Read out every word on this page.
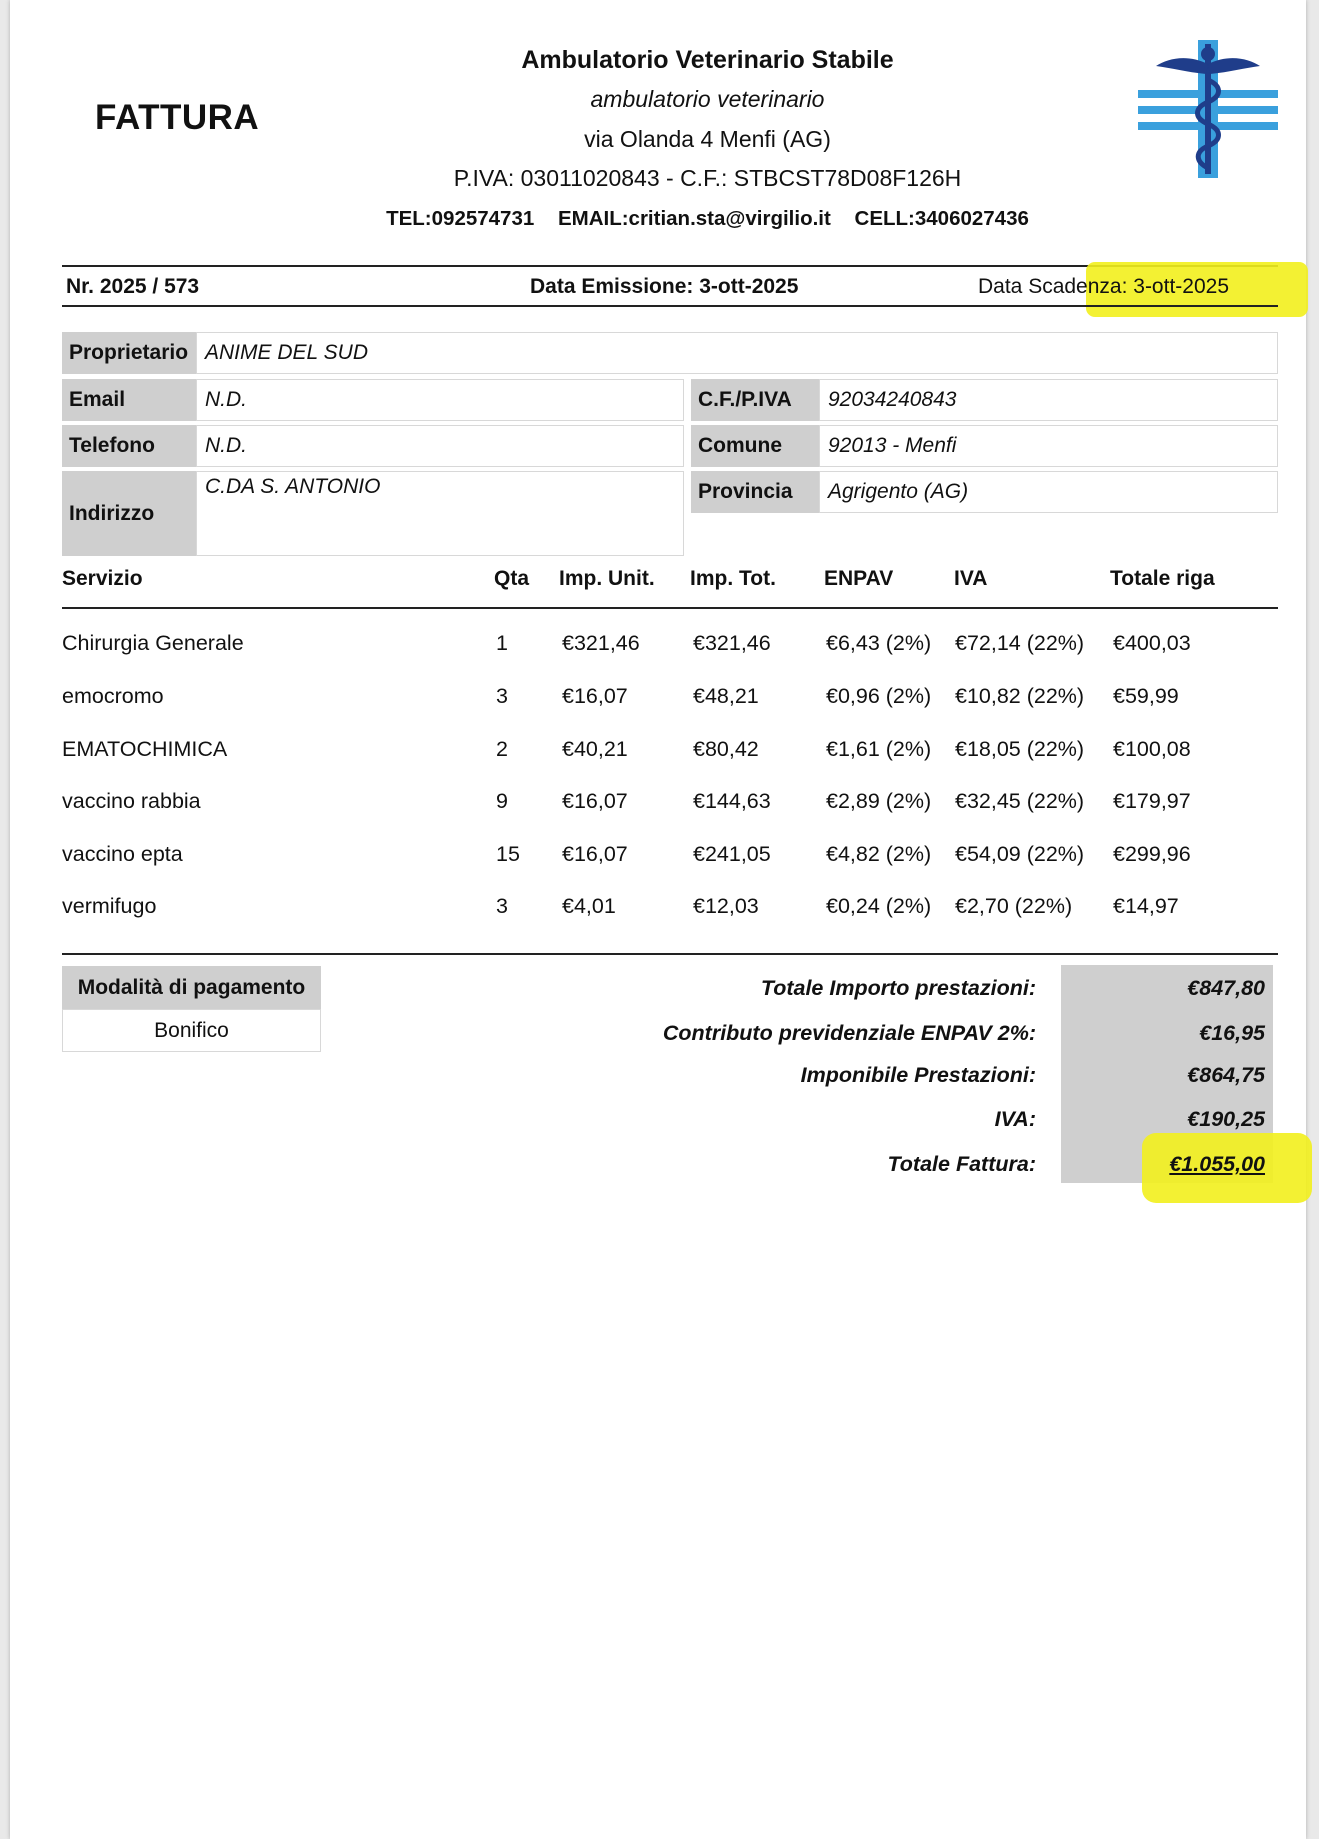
FATTURA
Ambulatorio Veterinario Stabile
ambulatorio veterinario
via Olanda 4 Menfi (AG)
P.IVA: 03011020843 - C.F.: STBCST78D08F126H
TEL:092574731 EMAIL:critian.sta@virgilio.it CELL:3406027436
Nr. 2025 / 573	Data Emissione: 3-ott-2025	Data Scadenza: 3-ott-2025
Proprietario ANIME DEL SUD
Email	N.D.
Telefono	N.D.
Indirizzo
C.DA S. ANTONIO
C.F./P.IVA	92034240843
Comune	92013 - Menfi
Provincia	Agrigento (AG)
Servizio	Qta Imp. Unit. Imp. Tot. ENPAV	IVA	Totale riga
Chirurgia Generale	1	€321,46 €321,46	€6,43 (2%) €72,14 (22%) €400,03
emocromo	3	€16,07	€48,21	€0,96 (2%) €10,82 (22%) €59,99
EMATOCHIMICA	2	€40,21	€80,42	€1,61 (2%) €18,05 (22%) €100,08
vaccino rabbia	9	€16,07	€144,63	€2,89 (2%) €32,45 (22%) €179,97
vaccino epta	15 €16,07	€241,05	€4,82 (2%) €54,09 (22%) €299,96
vermifugo	3	€4,01	€12,03	€0,24 (2%) €2,70 (22%) €14,97
Modalità di pagamento
Bonifico
Totale Importo prestazioni:	€847,80
Contributo previdenziale ENPAV 2%:	€16,95
Imponibile Prestazioni:	€864,75
IVA:	€190,25
Totale Fattura:	€1.055,00
